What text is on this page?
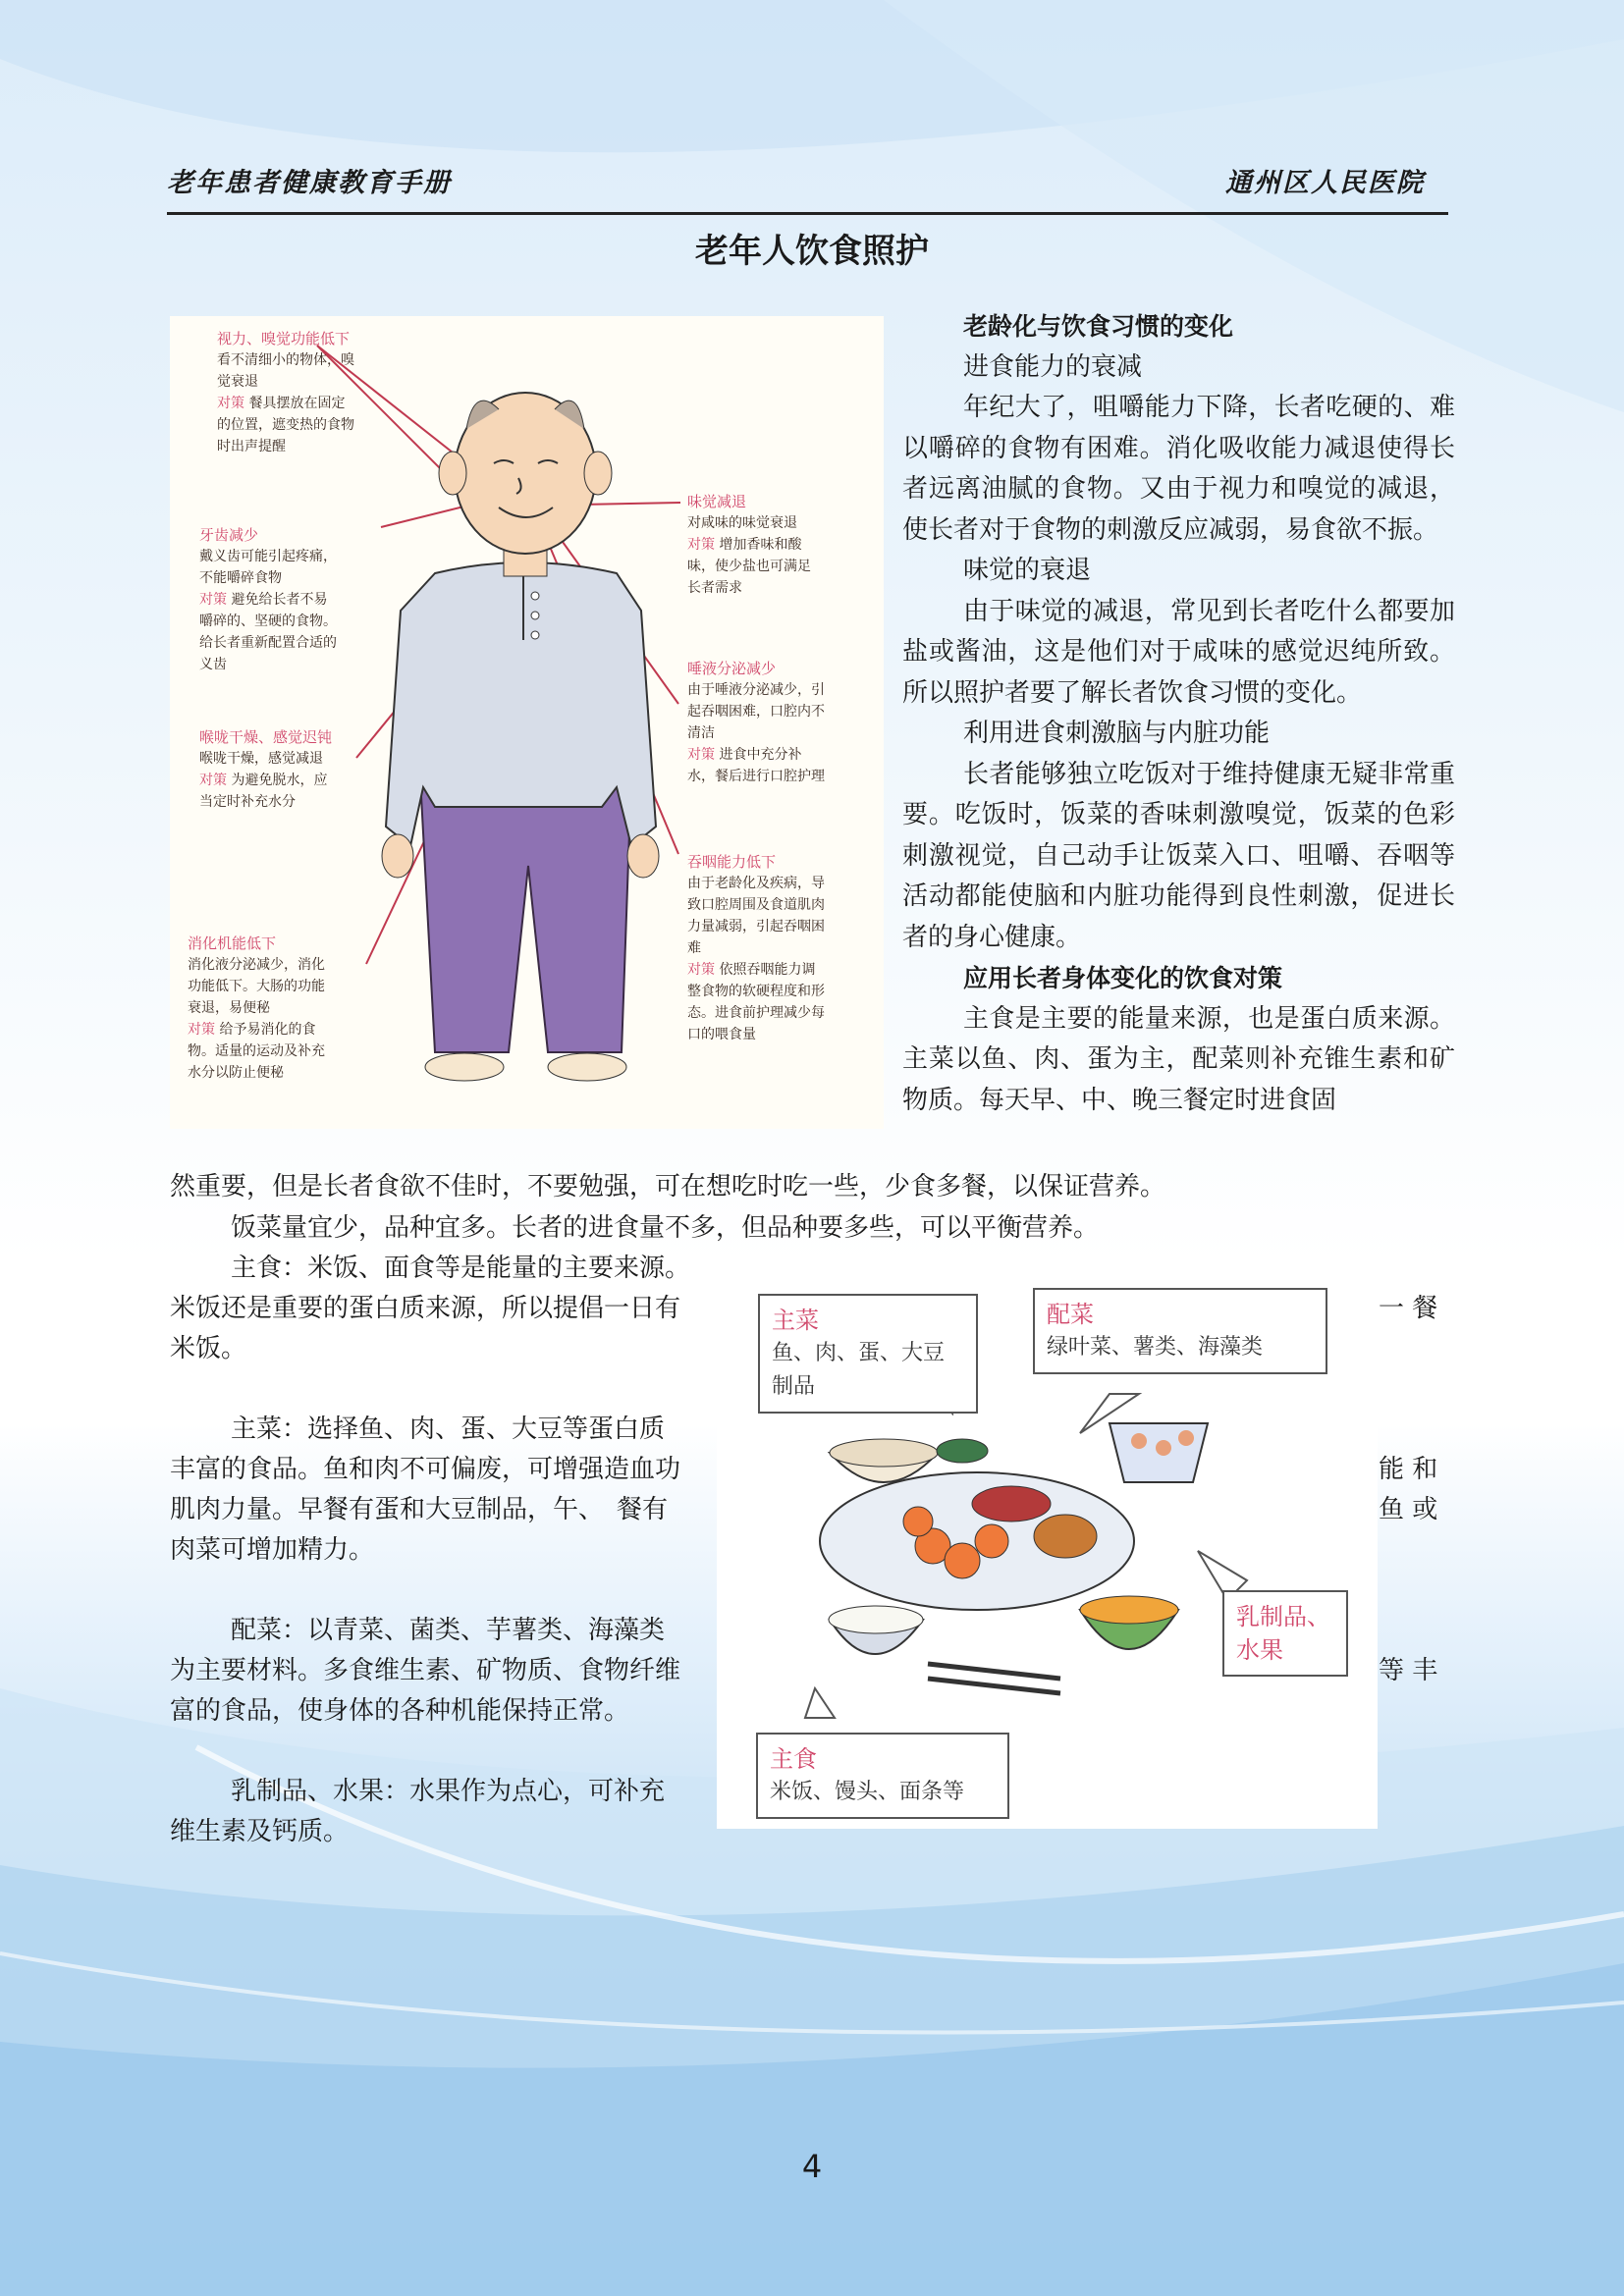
老年患者健康教育手册	通州区人民医院
老年人饮食照护
视力、嗅觉功能低下
看不清细小的物体，嗅
觉衰退
对策 餐具摆放在固定
的位置，遮变热的食物
时出声提醒
牙齿减少
戴义齿可能引起疼痛，
不能嚼碎食物
对策 避免给长者不易
嚼碎的、坚硬的食物。
给长者重新配置合适的
义齿
喉咙干燥、感觉迟钝
喉咙干燥，感觉减退
对策 为避免脱水，应
当定时补充水分
消化机能低下
消化液分泌减少，消化
功能低下。大肠的功能
衰退，易便秘
对策 给予易消化的食
物。适量的运动及补充
水分以防止便秘
味觉减退
对咸味的味觉衰退
对策 增加香味和酸
味，使少盐也可满足
长者需求
唾液分泌减少
由于唾液分泌减少，引
起吞咽困难，口腔内不
清洁
对策 进食中充分补
水，餐后进行口腔护理
吞咽能力低下
由于老龄化及疾病，导
致口腔周围及食道肌肉
力量减弱，引起吞咽困
难
对策 依照吞咽能力调
整食物的软硬程度和形
态。进食前护理减少每
口的喂食量

老龄化与饮食习惯的变化

进食能力的衰减

年纪大了，咀嚼能力下降，长者吃硬的、难以嚼碎的食物有困难。消化吸收能力减退使得长者远离油腻的食物。又由于视力和嗅觉的减退，使长者对于食物的刺激反应减弱，易食欲不振。

味觉的衰退

由于味觉的减退，常见到长者吃什么都要加盐或酱油，这是他们对于咸味的感觉迟纯所致。所以照护者要了解长者饮食习惯的变化。

利用进食刺激脑与内脏功能

长者能够独立吃饭对于维持健康无疑非常重要。吃饭时，饭菜的香味刺激嗅觉，饭菜的色彩刺激视觉，自己动手让饭菜入口、咀嚼、吞咽等活动都能使脑和内脏功能得到良性刺激，促进长者的身心健康。

应用长者身体变化的饮食对策

主食是主要的能量来源，也是蛋白质来源。主菜以鱼、肉、蛋为主，配菜则补充锥生素和矿物质。每天早、中、晚三餐定时进食固

然重要，但是长者食欲不佳时，不要勉强，可在想吃时吃一些，少食多餐，以保证营养。

饭菜量宜少，品种宜多。长者的进食量不多，但品种要多些，可以平衡营养。

主食：米饭、面食等是能量的主要来源。

米饭还是重要的蛋白质来源，所以提倡一日有	一 餐
米饭。
主菜：选择鱼、肉、蛋、大豆等蛋白质
丰富的食品。鱼和肉不可偏废，可增强造血功	能 和
肌肉力量。早餐有蛋和大豆制品，午、　餐有	鱼 或
肉菜可增加精力。
配菜：以青菜、菌类、芋薯类、海藻类
为主要材料。多食维生素、矿物质、食物纤维	等 丰
富的食品，使身体的各种机能保持正常。
乳制品、水果：水果作为点心，可补充
维生素及钙质。
主菜
鱼、肉、蛋、大豆
制品
配菜
绿叶菜、薯类、海藻类
乳制品、
水果
主食
米饭、馒头、面条等
4
